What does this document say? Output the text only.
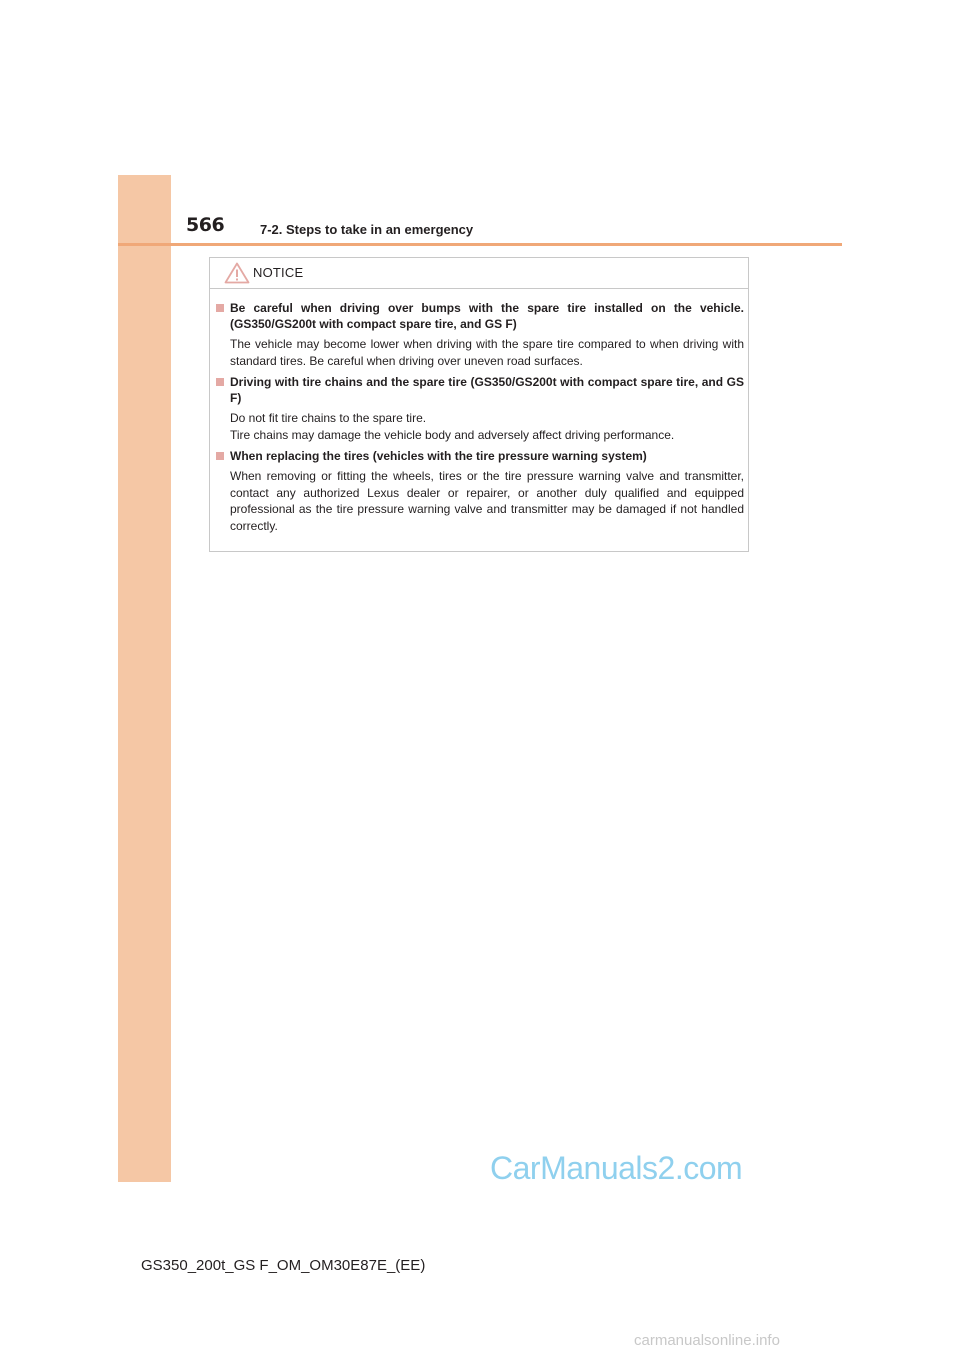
566	7-2. Steps to take in an emergency
NOTICE
Be careful when driving over bumps with the spare tire installed on the vehicle. (GS350/GS200t with compact spare tire, and GS F)
The vehicle may become lower when driving with the spare tire compared to when driving with standard tires. Be careful when driving over uneven road surfaces.
Driving with tire chains and the spare tire (GS350/GS200t with compact spare tire, and GS F)
Do not fit tire chains to the spare tire.
Tire chains may damage the vehicle body and adversely affect driving performance.
When replacing the tires (vehicles with the tire pressure warning system)
When removing or fitting the wheels, tires or the tire pressure warning valve and transmitter, contact any authorized Lexus dealer or repairer, or another duly qualified and equipped professional as the tire pressure warning valve and transmitter may be damaged if not handled correctly.
CarManuals2.com
GS350_200t_GS F_OM_OM30E87E_(EE)
carmanualsonline.info
